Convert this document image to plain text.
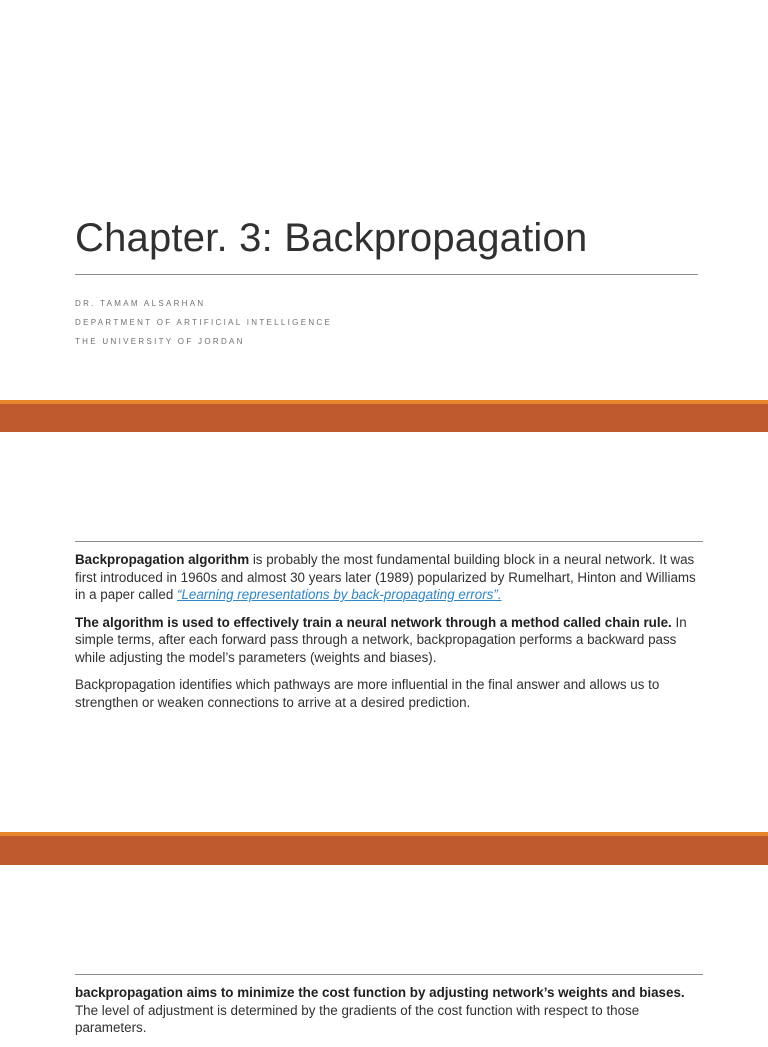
Chapter. 3: Backpropagation

DR. TAMAM ALSARHAN

DEPARTMENT OF ARTIFICIAL INTELLIGENCE

THE UNIVERSITY OF JORDAN

Backpropagation algorithm is probably the most fundamental building block in a neural network. It was first introduced in 1960s and almost 30 years later (1989) popularized by Rumelhart, Hinton and Williams in a paper called “Learning representations by back-propagating errors”.

The algorithm is used to effectively train a neural network through a method called chain rule. In simple terms, after each forward pass through a network, backpropagation performs a backward pass while adjusting the model’s parameters (weights and biases).

Backpropagation identifies which pathways are more influential in the final answer and allows us to strengthen or weaken connections to arrive at a desired prediction.

backpropagation aims to minimize the cost function by adjusting network’s weights and biases. The level of adjustment is determined by the gradients of the cost function with respect to those parameters.
